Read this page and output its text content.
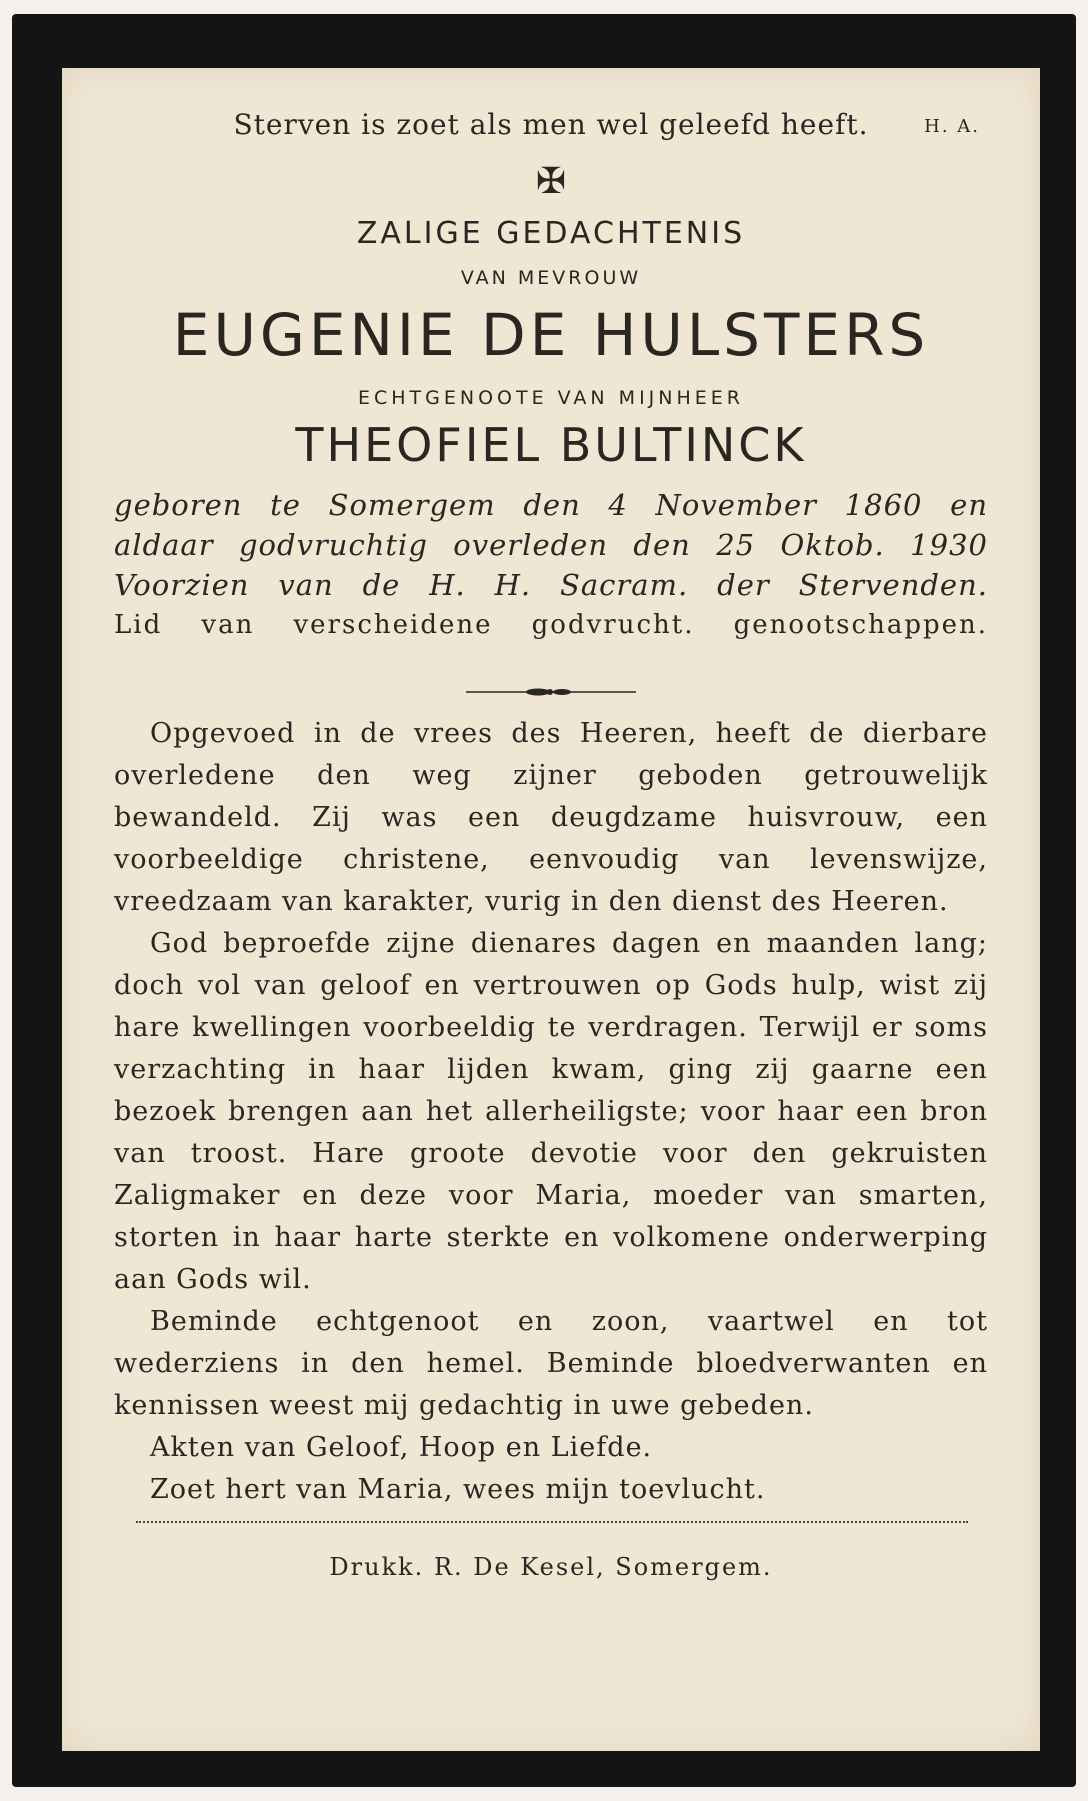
Sterven is zoet als men wel geleefd heeft.	H. A.
✠
ZALIGE GEDACHTENIS
VAN MEVROUW
EUGENIE DE HULSTERS
ECHTGENOOTE VAN MIJNHEER
THEOFIEL BULTINCK
geboren te Somergem den 4 November 1860 en
aldaar godvruchtig overleden den 25 Oktob. 1930
Voorzien van de H. H. Sacram. der Stervenden.
Lid van verscheidene godvrucht. genootschappen.

Opgevoed in de vrees des Heeren, heeft de dierbare overledene den weg zijner geboden getrouwelijk bewandeld. Zij was een deugdzame huisvrouw, een voorbeeldige christene, eenvoudig van levenswijze, vreedzaam van karakter, vurig in den dienst des Heeren.

God beproefde zijne dienares dagen en maanden lang; doch vol van geloof en vertrouwen op Gods hulp, wist zij hare kwellingen voorbeeldig te verdragen. Terwijl er soms verzachting in haar lijden kwam, ging zij gaarne een bezoek brengen aan het allerheiligste; voor haar een bron van troost. Hare groote devotie voor den gekruisten Zaligmaker en deze voor Maria, moeder van smarten, storten in haar harte sterkte en volkomene onderwerping aan Gods wil.

Beminde echtgenoot en zoon, vaartwel en tot wederziens in den hemel. Beminde bloedverwanten en kennissen weest mij gedachtig in uwe gebeden.

Akten van Geloof, Hoop en Liefde.
Zoet hert van Maria, wees mijn toevlucht.
Drukk. R. De Kesel, Somergem.
